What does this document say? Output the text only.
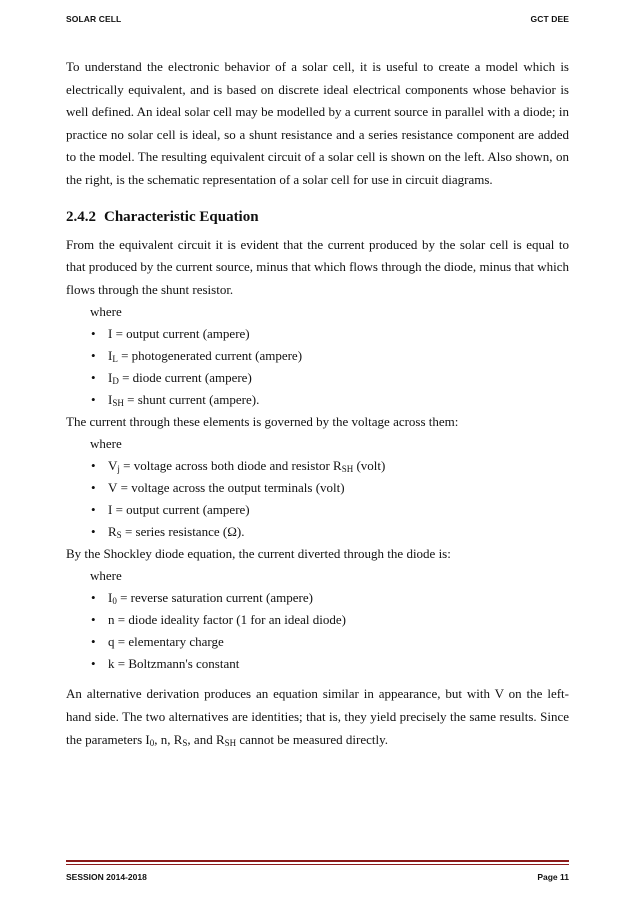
SOLAR CELL	GCT DEE

To understand the electronic behavior of a solar cell, it is useful to create a model which is electrically equivalent, and is based on discrete ideal electrical components whose behavior is well defined. An ideal solar cell may be modelled by a current source in parallel with a diode; in practice no solar cell is ideal, so a shunt resistance and a series resistance component are added to the model. The resulting equivalent circuit of a solar cell is shown on the left. Also shown, on the right, is the schematic representation of a solar cell for use in circuit diagrams.

2.4.2 Characteristic Equation

From the equivalent circuit it is evident that the current produced by the solar cell is equal to that produced by the current source, minus that which flows through the diode, minus that which flows through the shunt resistor.

where
• I = output current (ampere)
• $I_L$ = photogenerated current (ampere)
• $I_D$ = diode current (ampere)
• $I_{SH}$ = shunt current (ampere).

The current through these elements is governed by the voltage across them:

where
• $V_j$ = voltage across both diode and resistor $R_{SH}$ (volt)
• V = voltage across the output terminals (volt)
• I = output current (ampere)
• $R_S$ = series resistance (Ω).

By the Shockley diode equation, the current diverted through the diode is:

where
• $I_0$ = reverse saturation current (ampere)
• n = diode ideality factor (1 for an ideal diode)
• q = elementary charge
• k = Boltzmann's constant

An alternative derivation produces an equation similar in appearance, but with V on the left-hand side. The two alternatives are identities; that is, they yield precisely the same results. Since the parameters $I_0$, n, $R_S$, and $R_{SH}$ cannot be measured directly.

SESSION 2014-2018	Page 11
